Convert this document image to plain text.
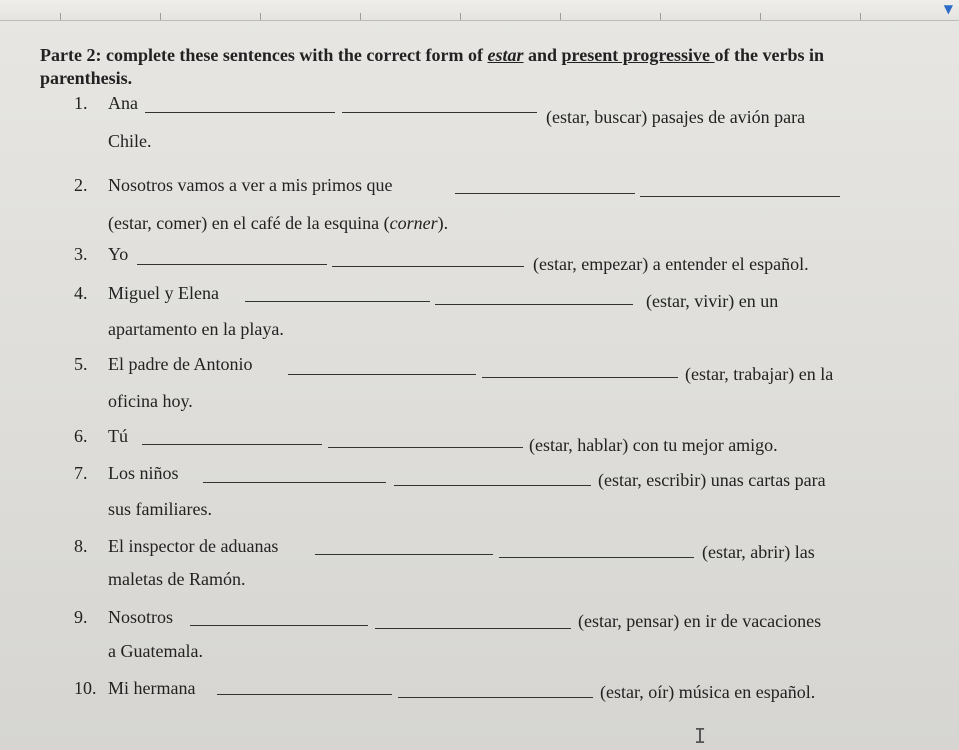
▼
Parte 2: complete these sentences with the correct form of estar and present progressive of the verbs in parenthesis.
1. Ana
(estar, buscar) pasajes de avión para
Chile.
2. Nosotros vamos a ver a mis primos que
(estar, comer) en el café de la esquina (corner).
3. Yo	(estar, empezar) a entender el español.
4. Miguel y Elena	(estar, vivir) en un
apartamento en la playa.
5. El padre de Antonio	(estar, trabajar) en la
oficina hoy.
6. Tú	(estar, hablar) con tu mejor amigo.
7. Los niños	(estar, escribir) unas cartas para
sus familiares.
8. El inspector de aduanas	(estar, abrir) las
maletas de Ramón.
9. Nosotros	(estar, pensar) en ir de vacaciones
a Guatemala.
10. Mi hermana	(estar, oír) música en español.
I
